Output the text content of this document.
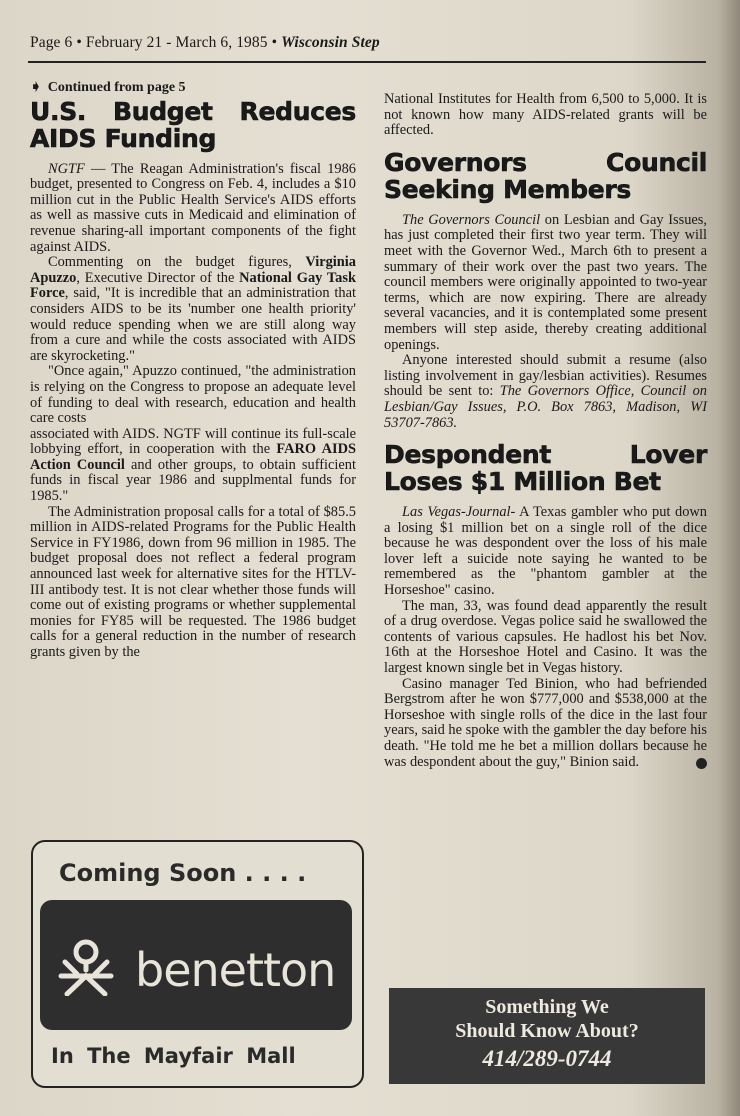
Page 6 • February 21 - March 6, 1985 • Wisconsin Step
➧ Continued from page 5
U.S. Budget Reduces AIDS Funding

NGTF — The Reagan Administration's fiscal 1986 budget, presented to Congress on Feb. 4, includes a $10 million cut in the Public Health Service's AIDS efforts as well as massive cuts in Medicaid and elimination of revenue sharing-all important components of the fight against AIDS.

Commenting on the budget figures, Virginia Apuzzo, Executive Director of the National Gay Task Force, said, "It is incredible that an administration that considers AIDS to be its 'number one health priority' would reduce spending when we are still along way from a cure and while the costs associated with AIDS are skyrocketing."

"Once again," Apuzzo continued, "the administration is relying on the Congress to propose an adequate level of funding to deal with research, education and health care costs

associated with AIDS. NGTF will continue its full-scale lobbying effort, in cooperation with the FARO AIDS Action Council and other groups, to obtain sufficient funds in fiscal year 1986 and supplmental funds for 1985."

The Administration proposal calls for a total of $85.5 million in AIDS-related Programs for the Public Health Service in FY1986, down from 96 million in 1985. The budget proposal does not reflect a federal program announced last week for alternative sites for the HTLV-III antibody test. It is not clear whether those funds will come out of existing programs or whether supplemental monies for FY85 will be requested. The 1986 budget calls for a general reduction in the number of research grants given by the

Coming Soon . . . .
benetton
In The Mayfair Mall

National Institutes for Health from 6,500 to 5,000. It is not known how many AIDS-related grants will be affected.

Governors Council Seeking Members

The Governors Council on Lesbian and Gay Issues, has just completed their first two year term. They will meet with the Governor Wed., March 6th to present a summary of their work over the past two years. The council members were originally appointed to two-year terms, which are now expiring. There are already several vacancies, and it is contemplated some present members will step aside, thereby creating additional openings.

Anyone interested should submit a resume (also listing involvement in gay/lesbian activities). Resumes should be sent to: The Governors Office, Council on Lesbian/Gay Issues, P.O. Box 7863, Madison, WI 53707-7863.

Despondent Lover Loses $1 Million Bet

Las Vegas-Journal- A Texas gambler who put down a losing $1 million bet on a single roll of the dice because he was despondent over the loss of his male lover left a suicide note saying he wanted to be remembered as the "phantom gambler at the Horseshoe" casino.

The man, 33, was found dead apparently the result of a drug overdose. Vegas police said he swallowed the contents of various capsules. He hadlost his bet Nov. 16th at the Horseshoe Hotel and Casino. It was the largest known single bet in Vegas history.

Casino manager Ted Binion, who had befriended Bergstrom after he won $777,000 and $538,000 at the Horseshoe with single rolls of the dice in the last four years, said he spoke with the gambler the day before his death. "He told me he bet a million dollars because he was despondent about the guy," Binion said.

Something We
Should Know About?
414/289-0744
